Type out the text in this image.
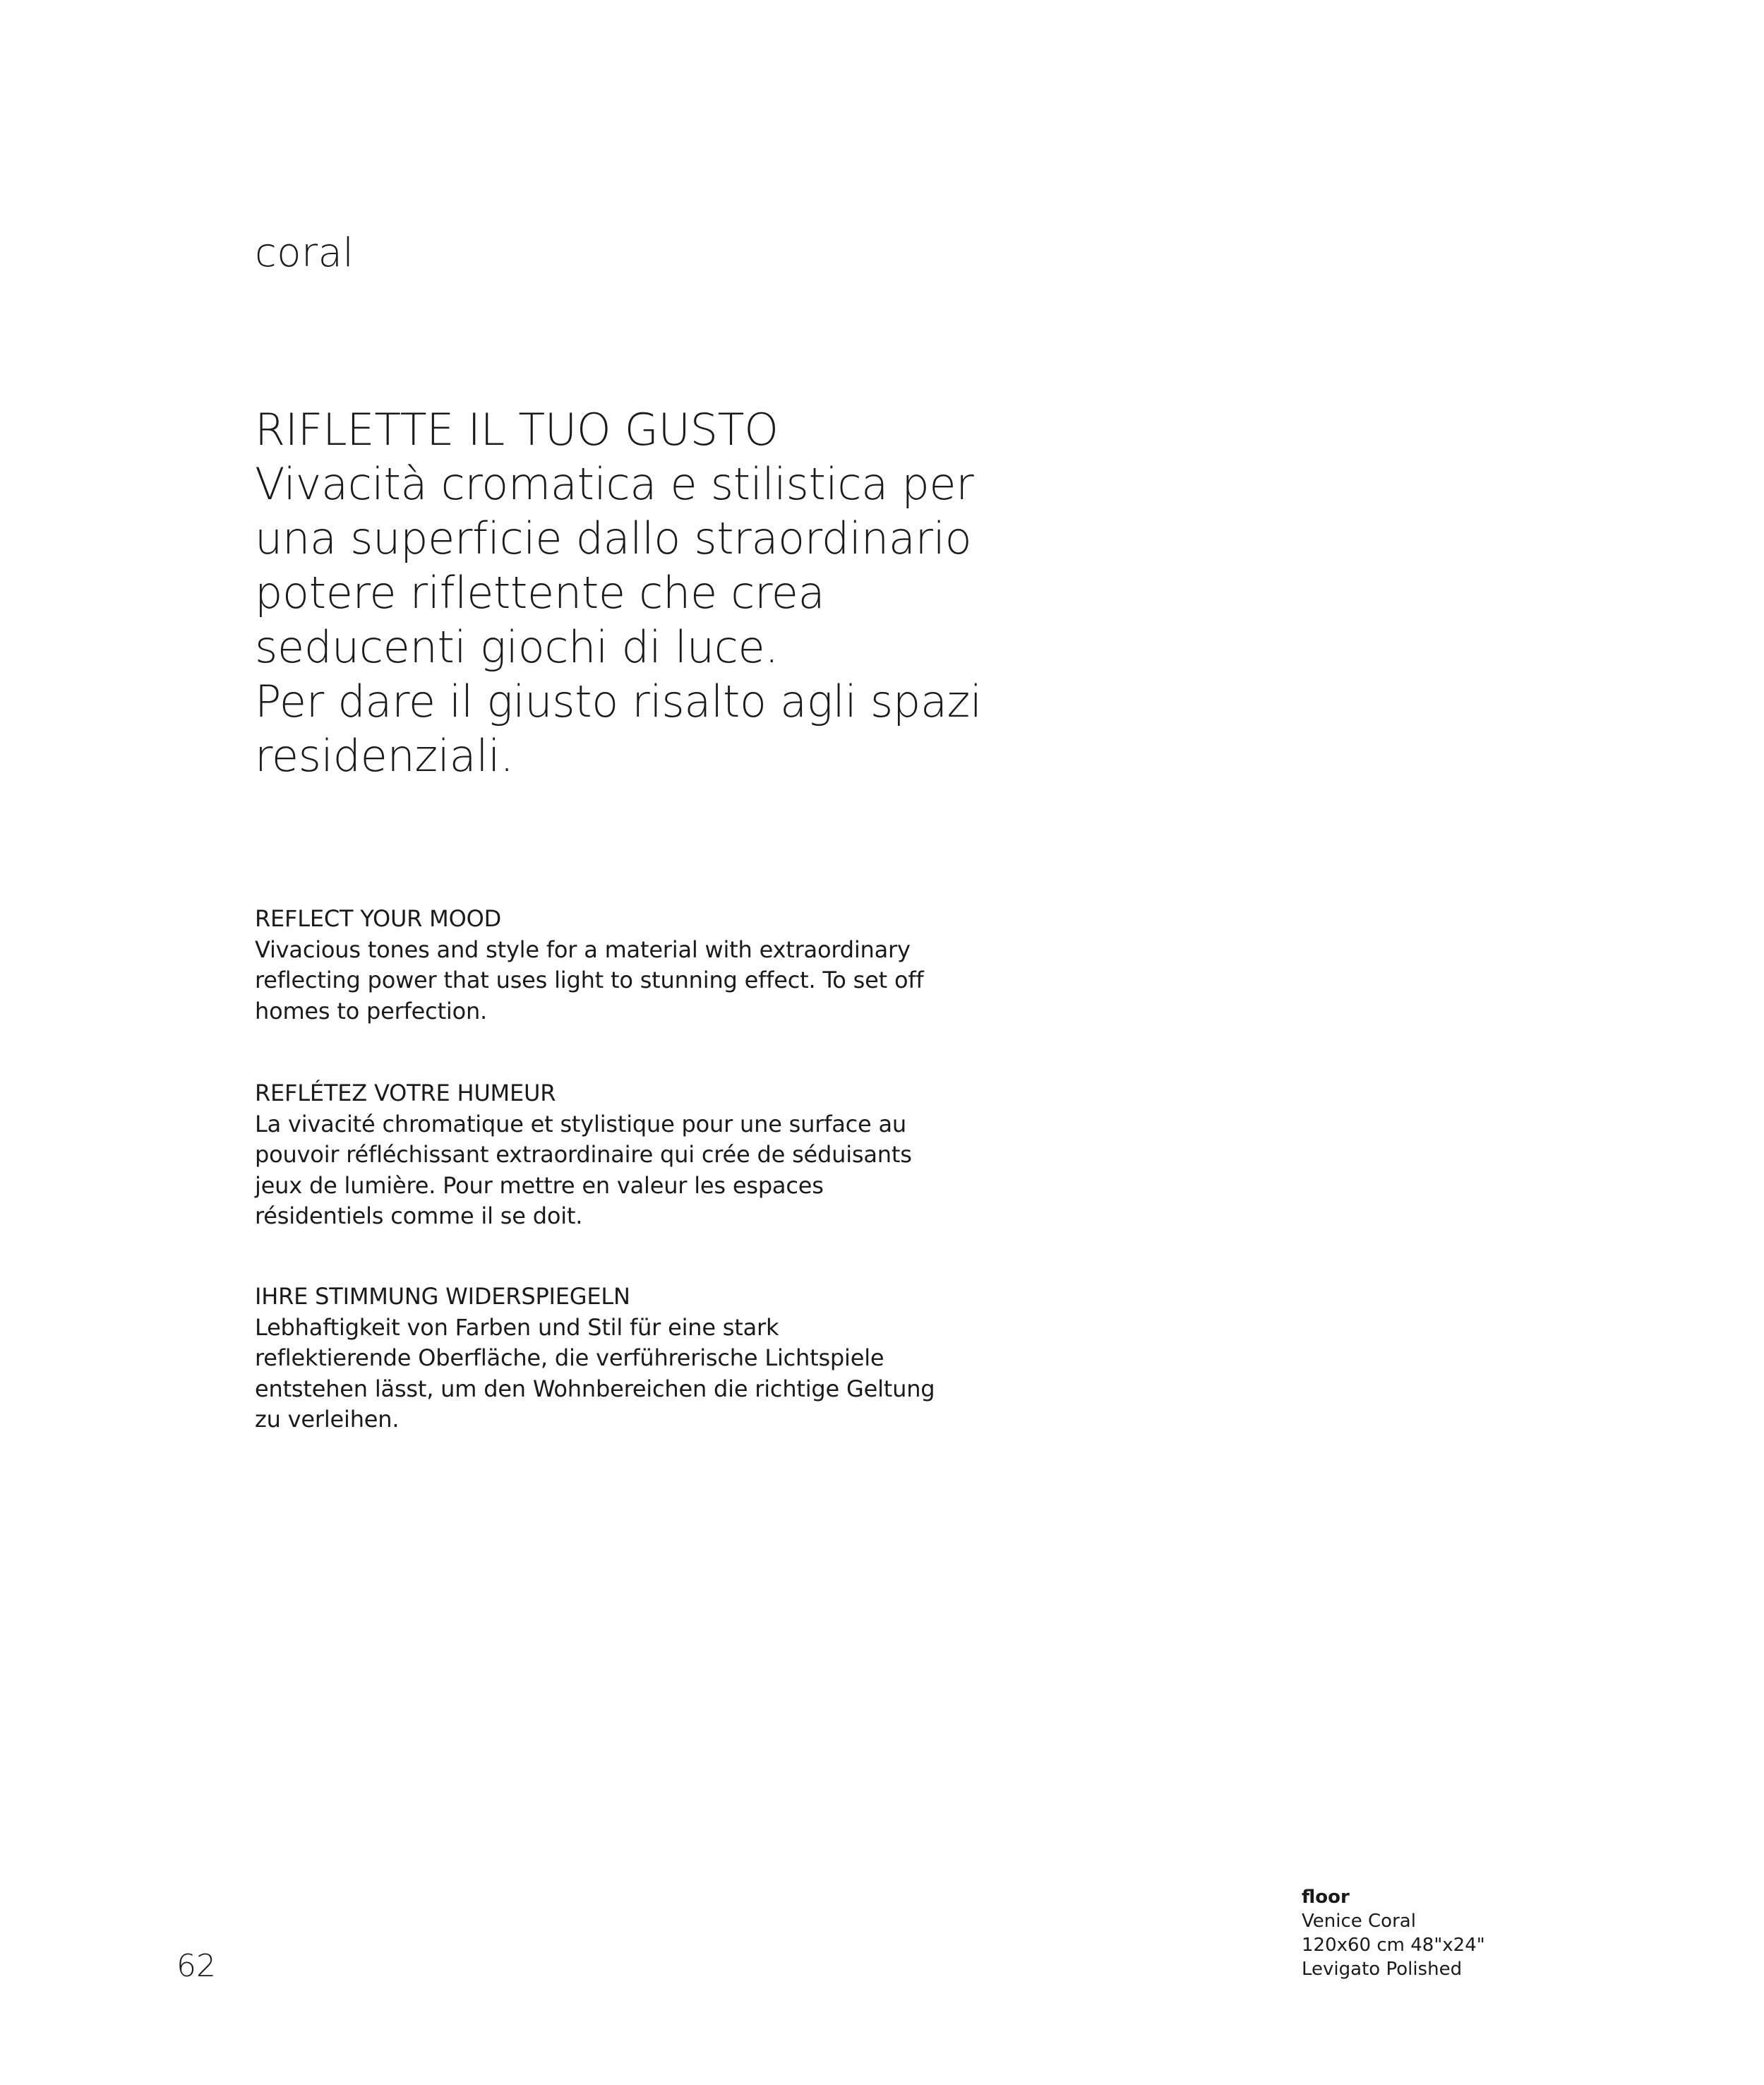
coral

RIFLETTE IL TUO GUSTO

Vivacità cromatica e stilistica per
una superficie dallo straordinario
potere riflettente che crea
seducenti giochi di luce.
Per dare il giusto risalto agli spazi
residenziali.

REFLECT YOUR MOOD

Vivacious tones and style for a material with extraordinary
reflecting power that uses light to stunning effect. To set off
homes to perfection.

REFLÉTEZ VOTRE HUMEUR

La vivacité chromatique et stylistique pour une surface au
pouvoir réfléchissant extraordinaire qui crée de séduisants
jeux de lumière. Pour mettre en valeur les espaces
résidentiels comme il se doit.

IHRE STIMMUNG WIDERSPIEGELN

Lebhaftigkeit von Farben und Stil für eine stark
reflektierende Oberfläche, die verführerische Lichtspiele
entstehen lässt, um den Wohnbereichen die richtige Geltung
zu verleihen.

62
floor
Venice Coral
120x60 cm 48"x24"
Levigato Polished
